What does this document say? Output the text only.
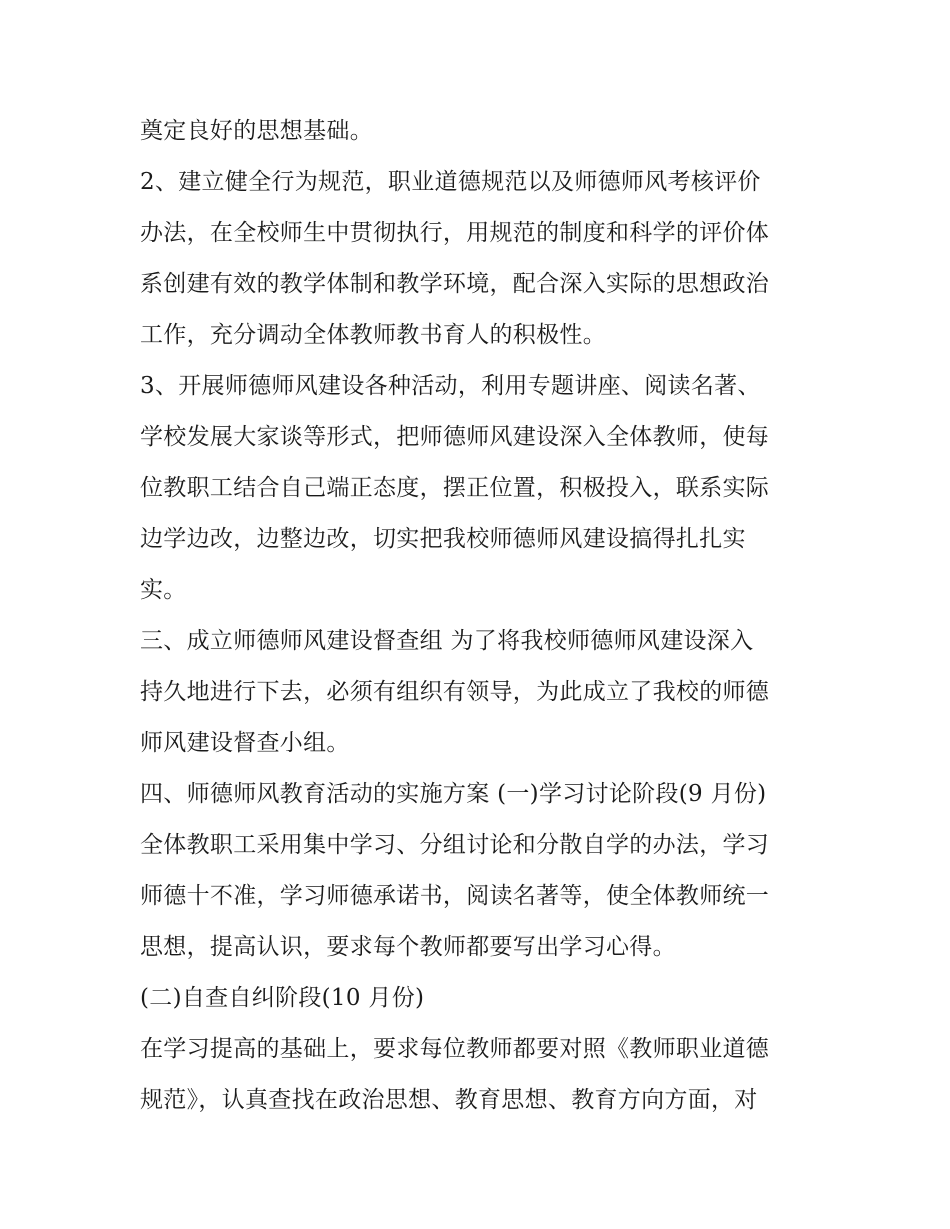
奠定良好的思想基础。
2、建立健全行为规范，职业道德规范以及师德师风考核评价
办法，在全校师生中贯彻执行，用规范的制度和科学的评价体
系创建有效的教学体制和教学环境，配合深入实际的思想政治
工作，充分调动全体教师教书育人的积极性。
3、开展师德师风建设各种活动，利用专题讲座、阅读名著、
学校发展大家谈等形式，把师德师风建设深入全体教师，使每
位教职工结合自己端正态度，摆正位置，积极投入，联系实际
边学边改，边整边改，切实把我校师德师风建设搞得扎扎实
实。
三、成立师德师风建设督查组 为了将我校师德师风建设深入
持久地进行下去，必须有组织有领导，为此成立了我校的师德
师风建设督查小组。
四、师德师风教育活动的实施方案 (一)学习讨论阶段(9 月份)
全体教职工采用集中学习、分组讨论和分散自学的办法，学习
师德十不准，学习师德承诺书，阅读名著等，使全体教师统一
思想，提高认识，要求每个教师都要写出学习心得。
(二)自查自纠阶段(10 月份)
在学习提高的基础上，要求每位教师都要对照《教师职业道德
规范》，认真查找在政治思想、教育思想、教育方向方面，对
